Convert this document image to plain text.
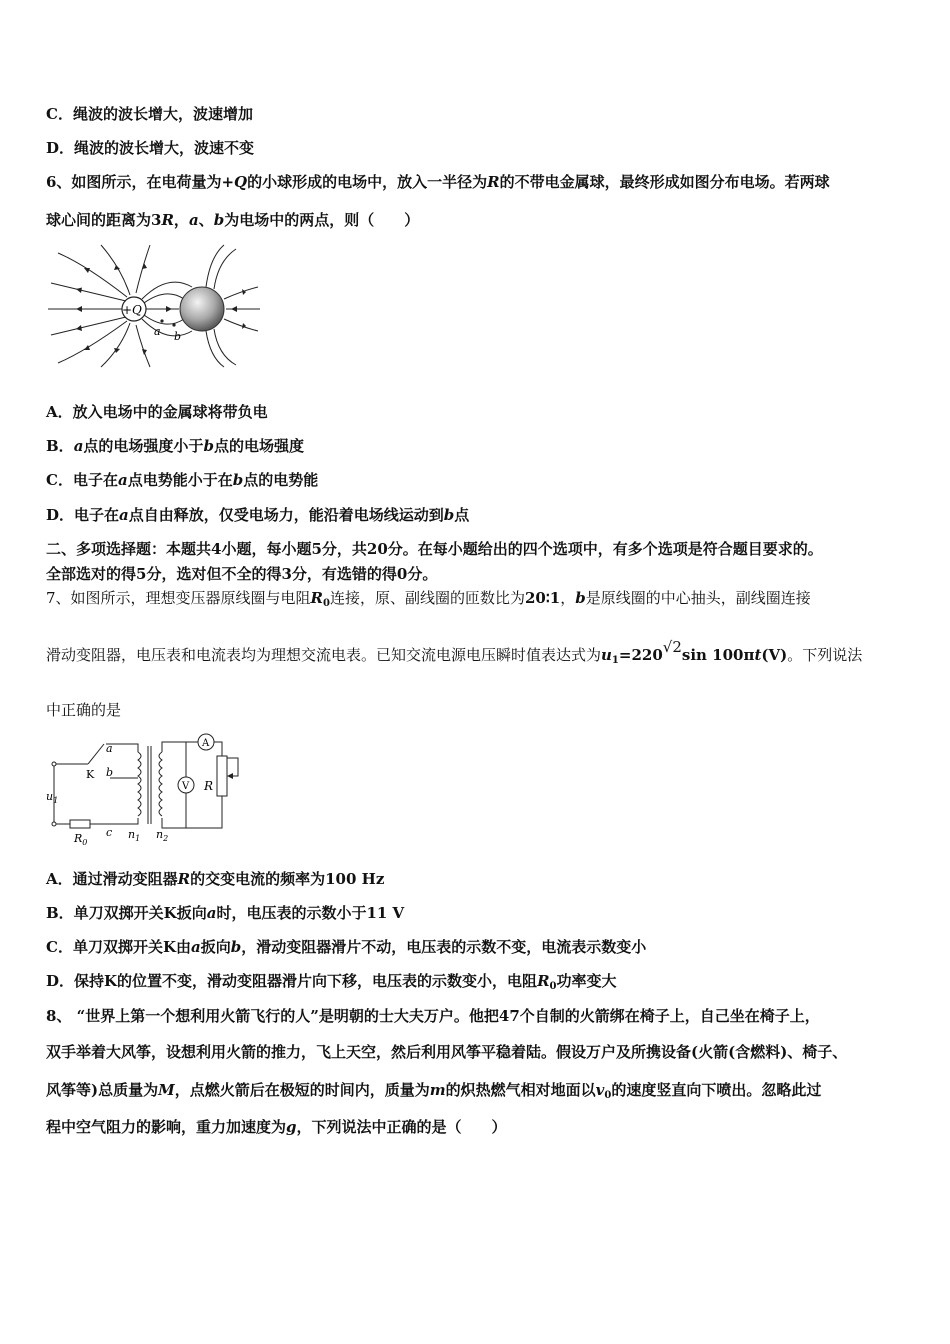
C．绳波的波长增大，波速增加
D．绳波的波长增大，波速不变
6、如图所示，在电荷量为+Q的小球形成的电场中，放入一半径为R的不带电金属球，最终形成如图分布电场。若两球
球心间的距离为3R，a、b为电场中的两点，则（　　）
+Q
a b
A．放入电场中的金属球将带负电
B．a点的电场强度小于b点的电场强度
C．电子在a点电势能小于在b点的电势能
D．电子在a点自由释放，仅受电场力，能沿着电场线运动到b点
二、多项选择题：本题共4小题，每小题5分，共20分。在每小题给出的四个选项中，有多个选项是符合题目要求的。
全部选对的得5分，选对但不全的得3分，有选错的得0分。
7、如图所示，理想变压器原线圈与电阻$R_0$连接，原、副线圈的匝数比为20∶1，b是原线圈的中心抽头，副线圈连接
滑动变阻器，电压表和电流表均为理想交流电表。已知交流电源电压瞬时值表达式为$u_1=220√2\sin$ 100πt(V)。下列说法
中正确的是
A
V R
a
b
K
$u_1$
$R_0$
c $n_1$ $n_2$
A．通过滑动变阻器R的交变电流的频率为100 Hz
B．单刀双掷开关K扳向a时，电压表的示数小于11 V
C．单刀双掷开关K由a扳向b，滑动变阻器滑片不动，电压表的示数不变，电流表示数变小
D．保持K的位置不变，滑动变阻器滑片向下移，电压表的示数变小，电阻$R_0$功率变大
8、 “世界上第一个想利用火箭飞行的人”是明朝的士大夫万户。他把47个自制的火箭绑在椅子上，自己坐在椅子上，
双手举着大风筝，设想利用火箭的推力，飞上天空，然后利用风筝平稳着陆。假设万户及所携设备(火箭(含燃料)、椅子、
风筝等)总质量为M，点燃火箭后在极短的时间内，质量为m的炽热燃气相对地面以$v_0$的速度竖直向下喷出。忽略此过
程中空气阻力的影响，重力加速度为g，下列说法中正确的是（　　）
